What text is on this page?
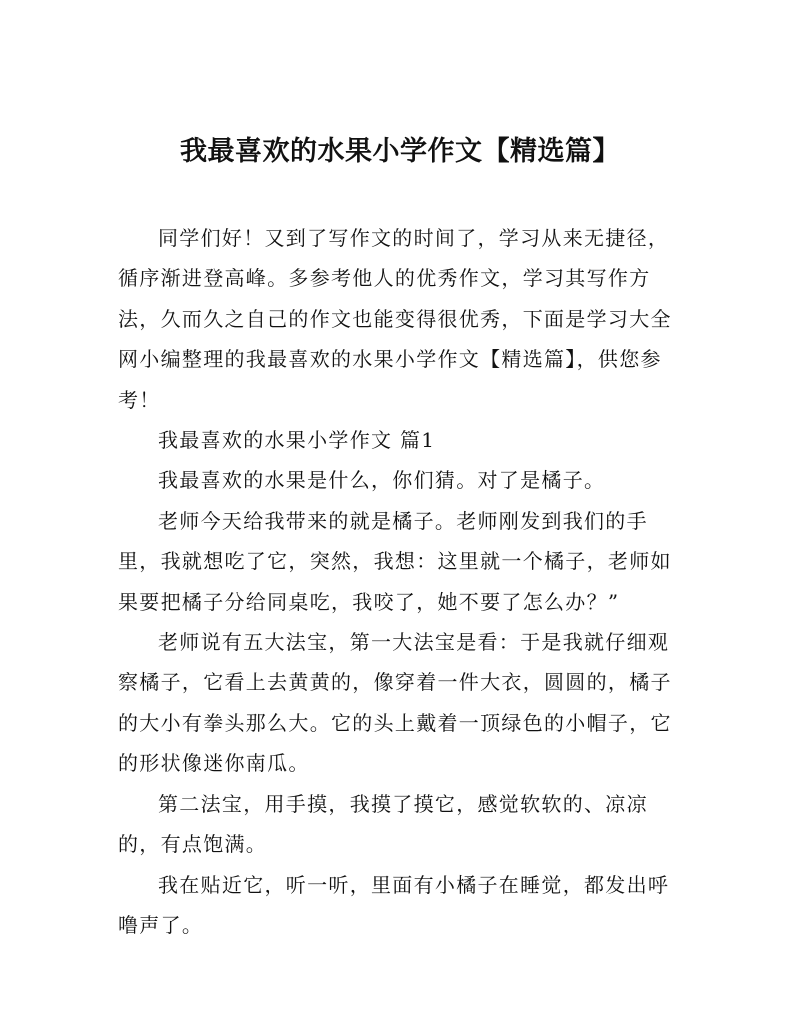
我最喜欢的水果小学作文【精选篇】

同学们好！又到了写作文的时间了，学习从来无捷径，循序渐进登高峰。多参考他人的优秀作文，学习其写作方法，久而久之自己的作文也能变得很优秀，下面是学习大全网小编整理的我最喜欢的水果小学作文【精选篇】，供您参考！

我最喜欢的水果小学作文 篇1

我最喜欢的水果是什么，你们猜。对了是橘子。

老师今天给我带来的就是橘子。老师刚发到我们的手里，我就想吃了它，突然，我想：这里就一个橘子，老师如果要把橘子分给同桌吃，我咬了，她不要了怎么办？”

老师说有五大法宝，第一大法宝是看：于是我就仔细观察橘子，它看上去黄黄的，像穿着一件大衣，圆圆的，橘子的大小有拳头那么大。它的头上戴着一顶绿色的小帽子，它的形状像迷你南瓜。

第二法宝，用手摸，我摸了摸它，感觉软软的、凉凉的，有点饱满。

我在贴近它，听一听，里面有小橘子在睡觉，都发出呼噜声了。
